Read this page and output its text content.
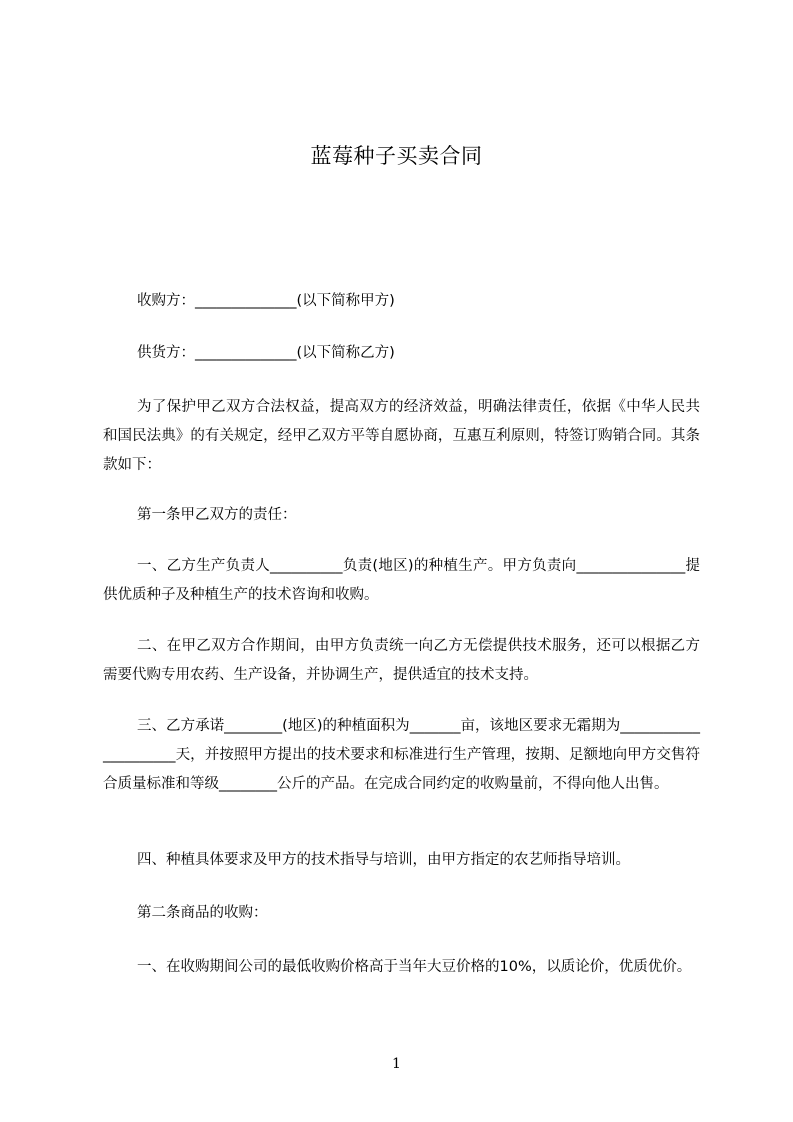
蓝莓种子买卖合同
收购方：______________(以下简称甲方)
供货方：______________(以下简称乙方)
为了保护甲乙双方合法权益，提高双方的经济效益，明确法律责任，依据《中华人民共和国民法典》的有关规定，经甲乙双方平等自愿协商，互惠互利原则，特签订购销合同。其条款如下：
第一条甲乙双方的责任：
一、乙方生产负责人__________负责(地区)的种植生产。甲方负责向_______________提供优质种子及种植生产的技术咨询和收购。
二、在甲乙双方合作期间，由甲方负责统一向乙方无偿提供技术服务，还可以根据乙方需要代购专用农药、生产设备，并协调生产，提供适宜的技术支持。
三、乙方承诺________(地区)的种植面积为_______亩，该地区要求无霜期为_____________________天，并按照甲方提出的技术要求和标准进行生产管理，按期、足额地向甲方交售符合质量标准和等级________公斤的产品。在完成合同约定的收购量前，不得向他人出售。
四、种植具体要求及甲方的技术指导与培训，由甲方指定的农艺师指导培训。
第二条商品的收购：
一、在收购期间公司的最低收购价格高于当年大豆价格的10%，以质论价，优质优价。
1
